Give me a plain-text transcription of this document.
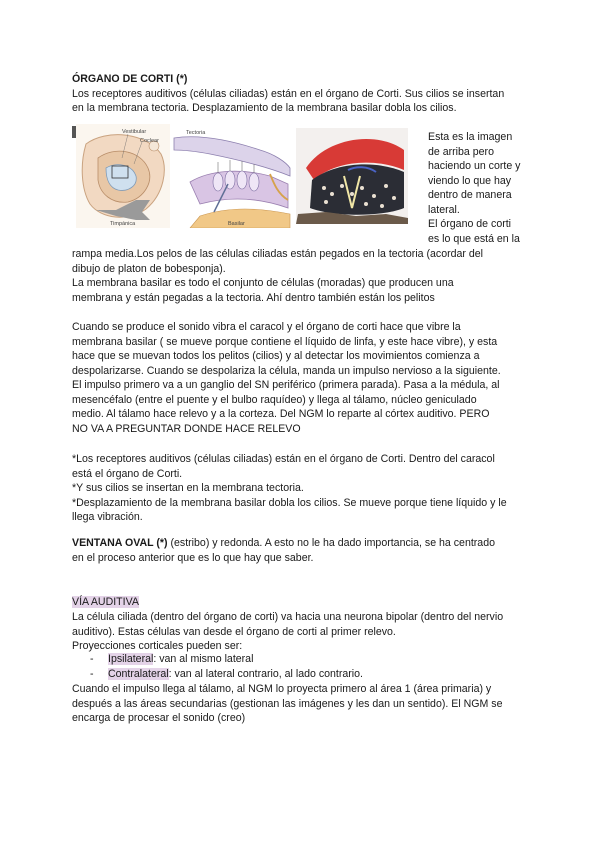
ÓRGANO DE CORTI (*)

Los receptores auditivos (células ciliadas) están en el órgano de Corti. Sus cilios se insertan

en la membrana tectoria. Desplazamiento de la membrana basilar dobla los cilios.

Vestibular
Coclear
Timpánica
Tectoria
Basilar
Esta es la imagen
de arriba pero
haciendo un corte y
viendo lo que hay
dentro de manera
lateral.
El órgano de corti
es lo que está en la

rampa media.Los pelos de las células ciliadas están pegados en la tectoria (acordar del

dibujo de platon de bobesponja).

La membrana basilar es todo el conjunto de células (moradas) que producen una

membrana y están pegadas a la tectoria. Ahí dentro también están los pelitos

Cuando se produce el sonido vibra el caracol y el órgano de corti hace que vibre la

membrana basilar ( se mueve porque contiene el líquido de linfa, y este hace vibre), y esta

hace que se muevan todos los pelitos (cilios) y al detectar los movimientos comienza a

despolarizarse. Cuando se despolariza la célula, manda un impulso nervioso a la siguiente.

El impulso primero va a un ganglio del SN periférico (primera parada). Pasa a la médula, al

mesencéfalo (entre el puente y el bulbo raquídeo) y llega al tálamo, núcleo geniculado

medio. Al tálamo hace relevo y a la corteza. Del NGM lo reparte al córtex auditivo. PERO

NO VA A PREGUNTAR DONDE HACE RELEVO

*Los receptores auditivos (células ciliadas) están en el órgano de Corti. Dentro del caracol

está el órgano de Corti.

*Y sus cilios se insertan en la membrana tectoria.

*Desplazamiento de la membrana basilar dobla los cilios. Se mueve porque tiene líquido y le

llega vibración.

VENTANA OVAL (*) (estribo) y redonda. A esto no le ha dado importancia, se ha centrado

en el proceso anterior que es lo que hay que saber.

VÍA AUDITIVA

La célula ciliada (dentro del órgano de corti) va hacia una neurona bipolar (dentro del nervio

auditivo). Estas células van desde el órgano de corti al primer relevo.

Proyecciones corticales pueden ser:

- Ipsilateral: van al mismo lateral
- Contralateral: van al lateral contrario, al lado contrario.

Cuando el impulso llega al tálamo, al NGM lo proyecta primero al área 1 (área primaria) y

después a las áreas secundarias (gestionan las imágenes y les dan un sentido). El NGM se

encarga de procesar el sonido (creo)
